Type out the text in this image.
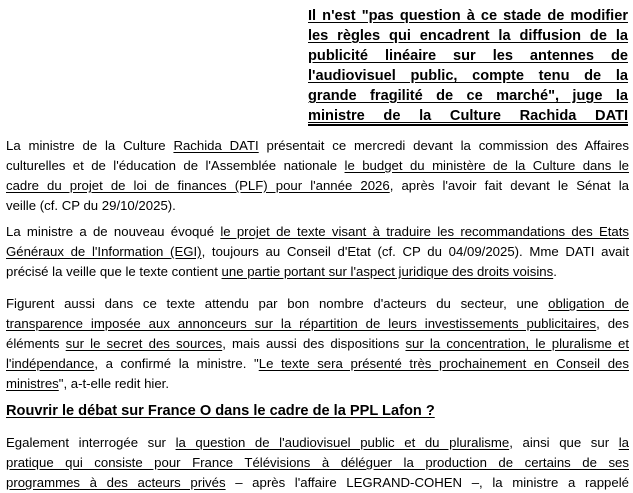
Il n'est "pas question à ce stade de modifier
les règles qui encadrent la diffusion de la
publicité linéaire sur les antennes de
l'audiovisuel public, compte tenu de la
grande fragilité de ce marché", juge la
ministre de la Culture Rachida DATI

La ministre de la Culture Rachida DATI présentait ce mercredi devant la commission des Affaires
culturelles et de l'éducation de l'Assemblée nationale le budget du ministère de la Culture dans le
cadre du projet de loi de finances (PLF) pour l'année 2026, après l'avoir fait devant le Sénat la
veille (cf. CP du 29/10/2025).

La ministre a de nouveau évoqué le projet de texte visant à traduire les recommandations des Etats
Généraux de l'Information (EGI), toujours au Conseil d'Etat (cf. CP du 04/09/2025). Mme DATI avait
précisé la veille que le texte contient une partie portant sur l'aspect juridique des droits voisins.

Figurent aussi dans ce texte attendu par bon nombre d'acteurs du secteur, une obligation de
transparence imposée aux annonceurs sur la répartition de leurs investissements publicitaires, des
éléments sur le secret des sources, mais aussi des dispositions sur la concentration, le pluralisme et
l'indépendance, a confirmé la ministre. "Le texte sera présenté très prochainement en Conseil des
ministres", a-t-elle redit hier.

Rouvrir le débat sur France O dans le cadre de la PPL Lafon ?

Egalement interrogée sur la question de l'audiovisuel public et du pluralisme, ainsi que sur la
pratique qui consiste pour France Télévisions à déléguer la production de certains de ses
programmes à des acteurs privés – après l'affaire LEGRAND-COHEN –, la ministre a rappelé
